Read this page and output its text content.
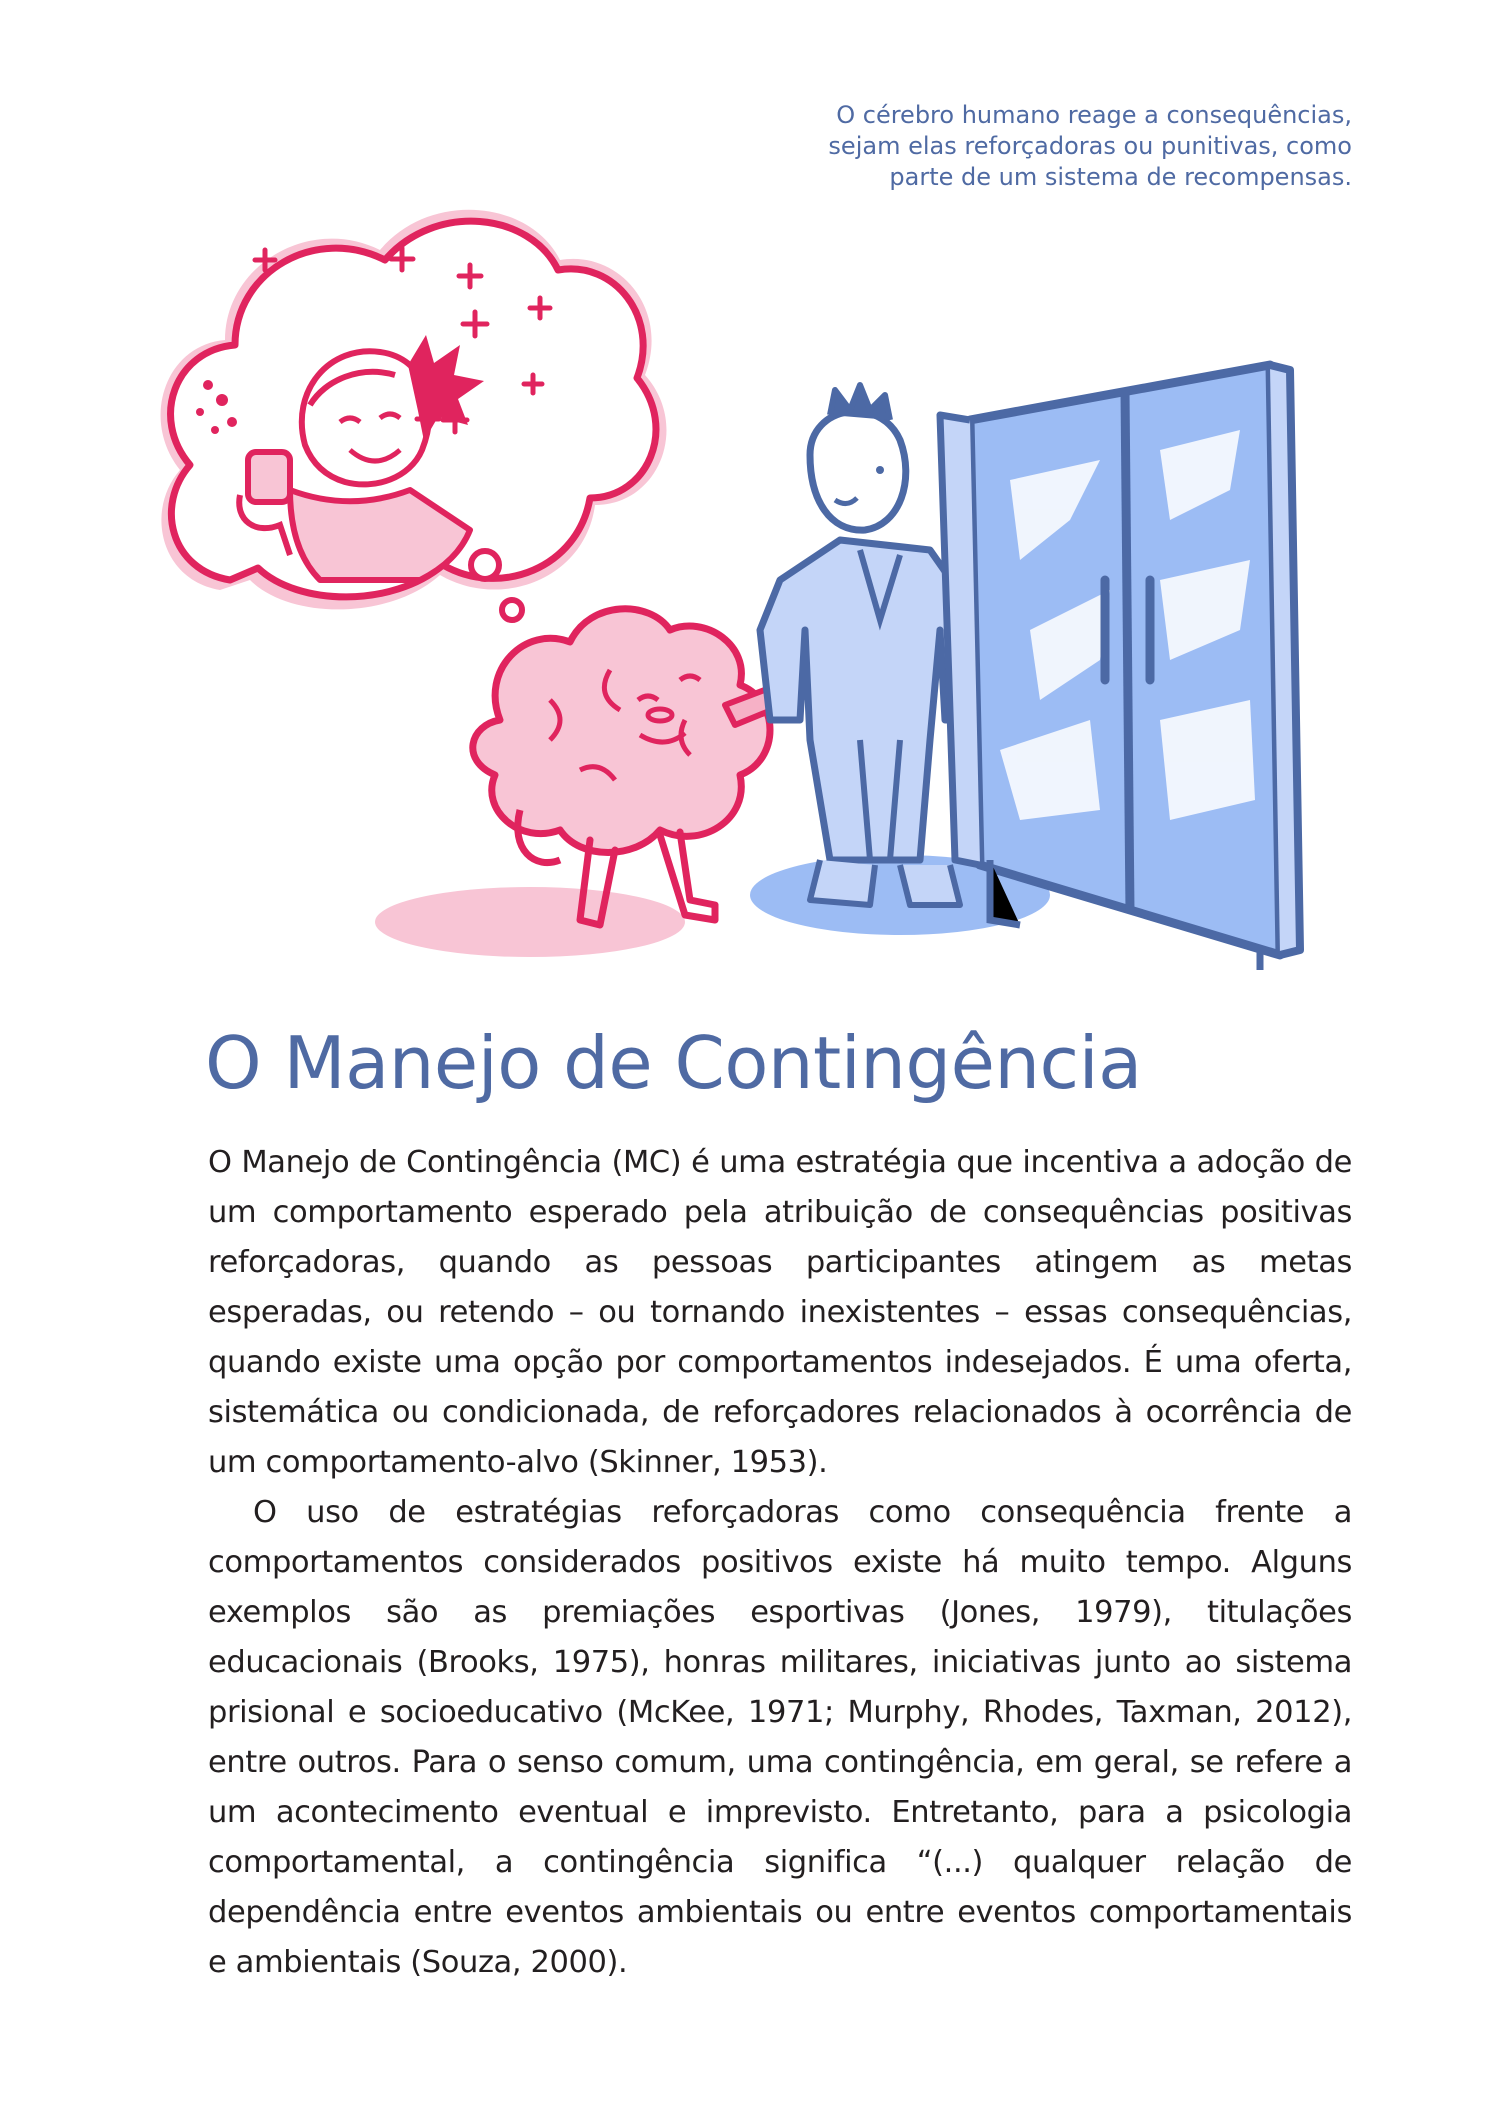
O cérebro humano reage a consequências,
sejam elas reforçadoras ou punitivas, como
parte de um sistema de recompensas.
O Manejo de Contingência

O Manejo de Contingência (MC) é uma estratégia que incentiva a adoção de um comportamento esperado pela atribuição de consequências positivas reforçadoras, quando as pessoas participantes atingem as metas esperadas, ou retendo – ou tornando inexistentes – essas consequências, quando existe uma opção por comportamentos indesejados. É uma oferta, sistemática ou condicionada, de reforçadores relacionados à ocorrência de um comportamento-alvo (Skinner, 1953).

O uso de estratégias reforçadoras como consequência frente a comportamentos considerados positivos existe há muito tempo. Alguns exemplos são as premiações esportivas (Jones, 1979), titulações educacionais (Brooks, 1975), honras militares, iniciativas junto ao sistema prisional e socioeducativo (McKee, 1971; Murphy, Rhodes, Taxman, 2012), entre outros. Para o senso comum, uma contingência, em geral, se refere a um acontecimento eventual e imprevisto. Entretanto, para a psicologia comportamental, a contingência significa “(...) qualquer relação de dependência entre eventos ambientais ou entre eventos comportamentais e ambientais (Souza, 2000).
